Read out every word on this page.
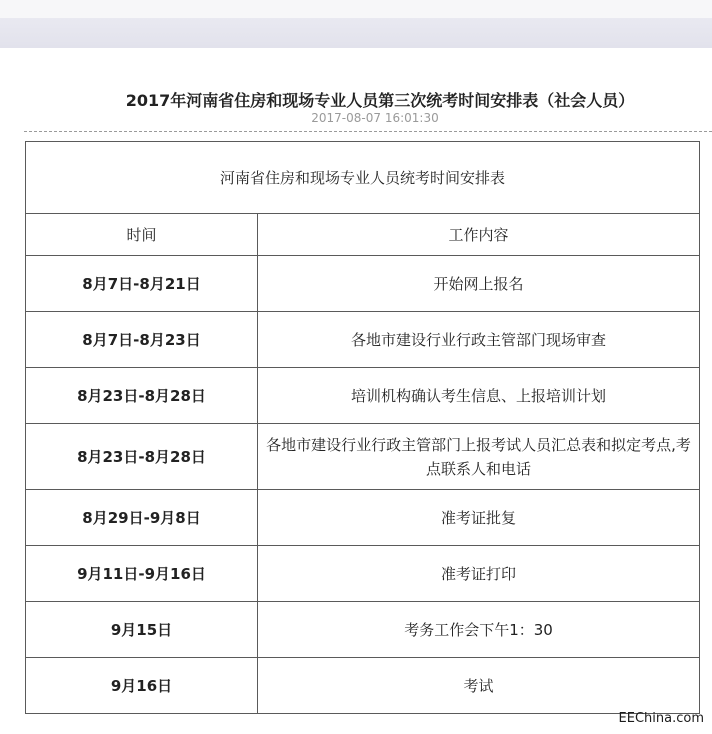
2017年河南省住房和现场专业人员第三次统考时间安排表（社会人员）
2017-08-07 16:01:30
河南省住房和现场专业人员统考时间安排表	
时间	工作内容
8月7日-8月21日	开始网上报名
8月7日-8月23日	各地市建设行业行政主管部门现场审查
8月23日-8月28日	培训机构确认考生信息、上报培训计划
8月23日-8月28日	各地市建设行业行政主管部门上报考试人员汇总表和拟定考点,考点联系人和电话
8月29日-9月8日	准考证批复
9月11日-9月16日	准考证打印
9月15日	考务工作会下午1：30
9月16日	考试
EEChina.com
